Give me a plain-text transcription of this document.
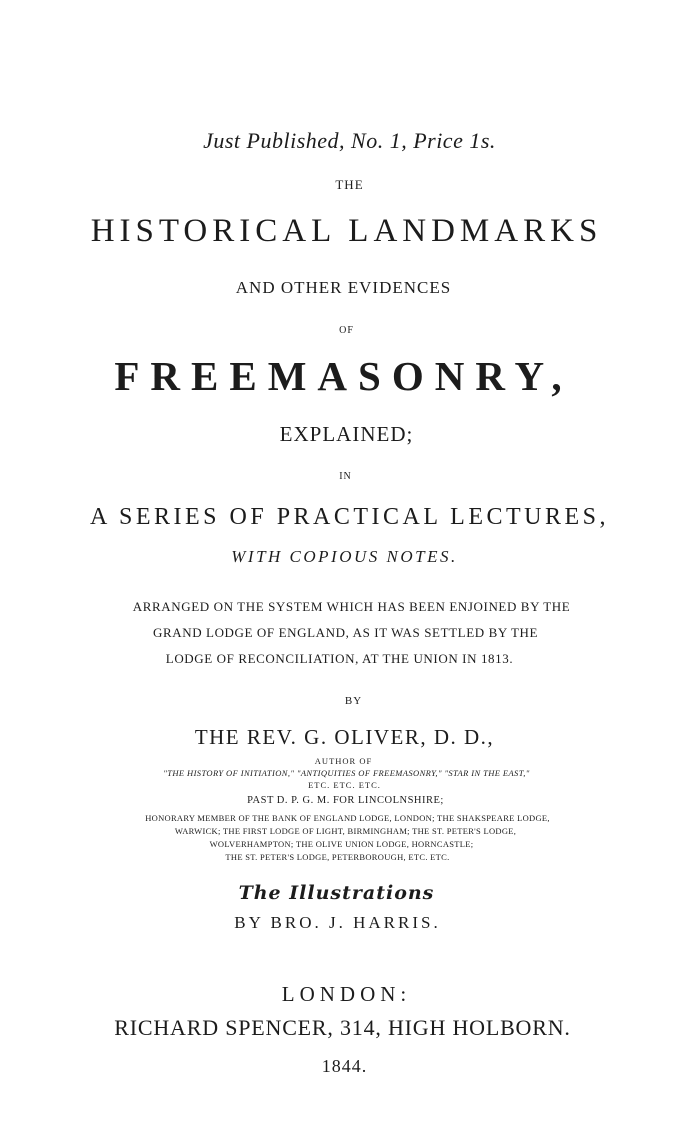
Just Published, No. 1, Price 1s.
THE
HISTORICAL LANDMARKS
AND OTHER EVIDENCES
OF
FREEMASONRY,
EXPLAINED;
IN
A SERIES OF PRACTICAL LECTURES,
WITH COPIOUS NOTES.
ARRANGED ON THE SYSTEM WHICH HAS BEEN ENJOINED BY THE
GRAND LODGE OF ENGLAND, AS IT WAS SETTLED BY THE
LODGE OF RECONCILIATION, AT THE UNION IN 1813.
BY
THE REV. G. OLIVER, D. D.,
AUTHOR OF
"THE HISTORY OF INITIATION," "ANTIQUITIES OF FREEMASONRY," "STAR IN THE EAST,"
ETC. ETC. ETC.
PAST D. P. G. M. FOR LINCOLNSHIRE;
HONORARY MEMBER OF THE BANK OF ENGLAND LODGE, LONDON; THE SHAKSPEARE LODGE,
WARWICK; THE FIRST LODGE OF LIGHT, BIRMINGHAM; THE ST. PETER'S LODGE,
WOLVERHAMPTON; THE OLIVE UNION LODGE, HORNCASTLE;
THE ST. PETER'S LODGE, PETERBOROUGH, ETC. ETC.
The Illustrations
BY BRO. J. HARRIS.
LONDON:
RICHARD SPENCER, 314, HIGH HOLBORN.
1844.
